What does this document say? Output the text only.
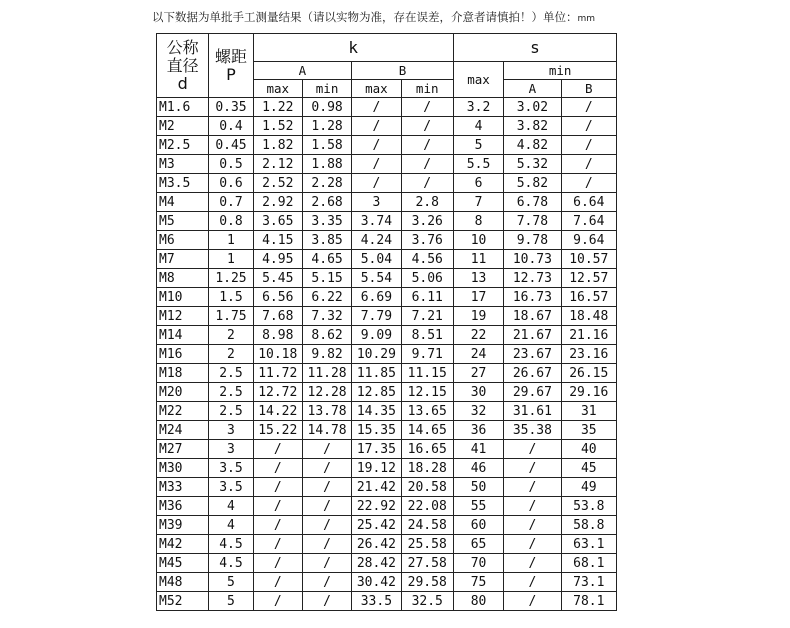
以下数据为单批手工测量结果（请以实物为准，存在误差，介意者请慎拍！）单位：mm
公称
直径
d	螺距
P	k				s		
		A		B		max	min	
		max	min	max	min		A	B
M1.6	0.35	1.22	0.98	/	/	3.2	3.02	/
M2	0.4	1.52	1.28	/	/	4	3.82	/
M2.5	0.45	1.82	1.58	/	/	5	4.82	/
M3	0.5	2.12	1.88	/	/	5.5	5.32	/
M3.5	0.6	2.52	2.28	/	/	6	5.82	/
M4	0.7	2.92	2.68	3	2.8	7	6.78	6.64
M5	0.8	3.65	3.35	3.74	3.26	8	7.78	7.64
M6	1	4.15	3.85	4.24	3.76	10	9.78	9.64
M7	1	4.95	4.65	5.04	4.56	11	10.73	10.57
M8	1.25	5.45	5.15	5.54	5.06	13	12.73	12.57
M10	1.5	6.56	6.22	6.69	6.11	17	16.73	16.57
M12	1.75	7.68	7.32	7.79	7.21	19	18.67	18.48
M14	2	8.98	8.62	9.09	8.51	22	21.67	21.16
M16	2	10.18	9.82	10.29	9.71	24	23.67	23.16
M18	2.5	11.72	11.28	11.85	11.15	27	26.67	26.15
M20	2.5	12.72	12.28	12.85	12.15	30	29.67	29.16
M22	2.5	14.22	13.78	14.35	13.65	32	31.61	31
M24	3	15.22	14.78	15.35	14.65	36	35.38	35
M27	3	/	/	17.35	16.65	41	/	40
M30	3.5	/	/	19.12	18.28	46	/	45
M33	3.5	/	/	21.42	20.58	50	/	49
M36	4	/	/	22.92	22.08	55	/	53.8
M39	4	/	/	25.42	24.58	60	/	58.8
M42	4.5	/	/	26.42	25.58	65	/	63.1
M45	4.5	/	/	28.42	27.58	70	/	68.1
M48	5	/	/	30.42	29.58	75	/	73.1
M52	5	/	/	33.5	32.5	80	/	78.1
